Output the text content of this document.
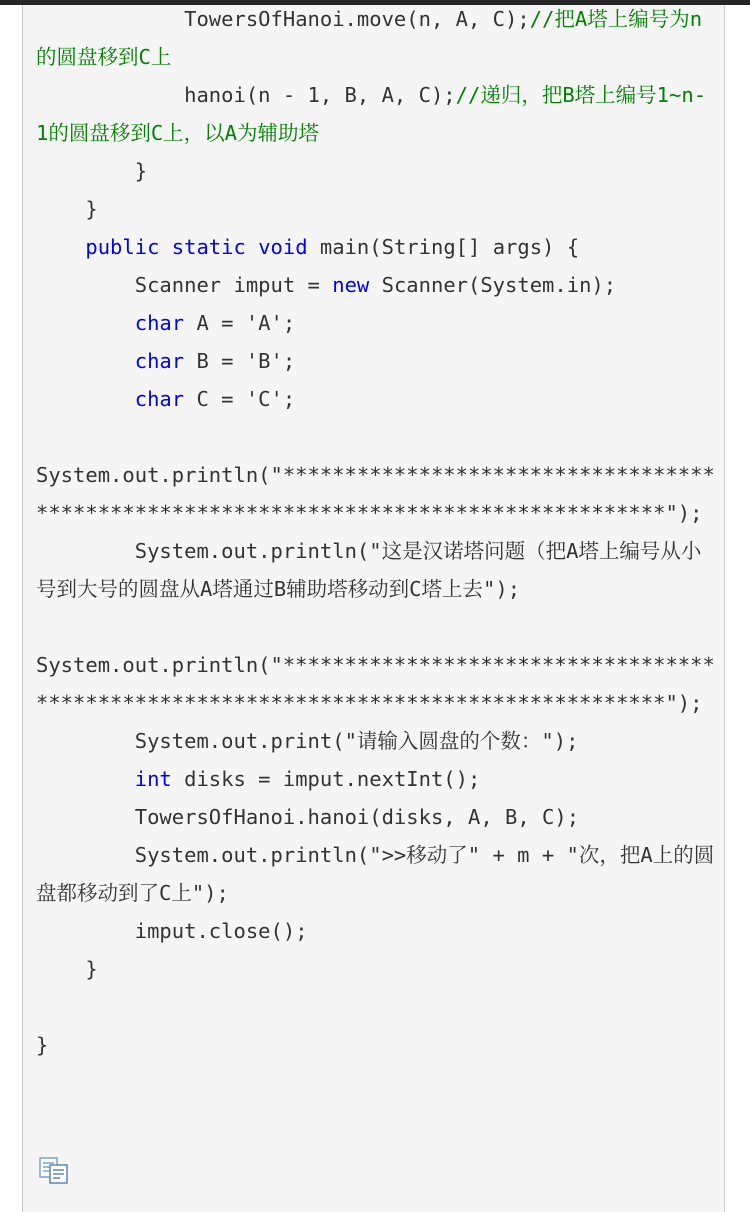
TowersOfHanoi.move(n, A, C);//把A塔上编号为n的圆盘移到C上
hanoi(n - 1, B, A, C);//递归，把B塔上编号1~n-1的圆盘移到C上，以A为辅助塔
}
}
public static void main(String[] args) {
Scanner imput = new Scanner(System.in);
char A = 'A';
char B = 'B';
char C = 'C';
System.out.println("**************************************************************************************");
System.out.println("这是汉诺塔问题（把A塔上编号从小号到大号的圆盘从A塔通过B辅助塔移动到C塔上去");
System.out.println("**************************************************************************************");
System.out.print("请输入圆盘的个数：");
int disks = imput.nextInt();
TowersOfHanoi.hanoi(disks, A, B, C);
System.out.println(">>移动了" + m + "次，把A上的圆盘都移动到了C上");
imput.close();
}
}
